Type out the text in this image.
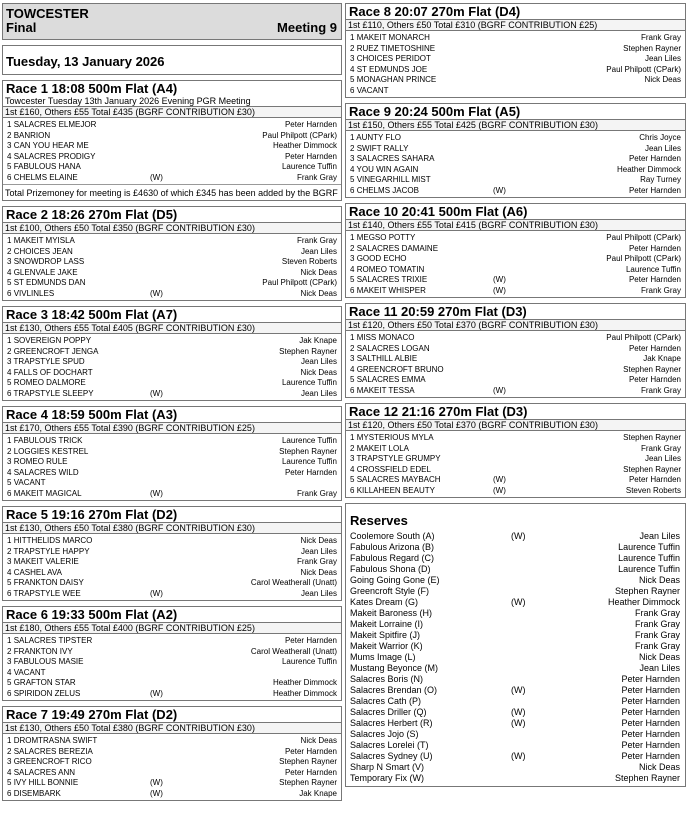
TOWCESTER
Final	Meeting 9
Tuesday, 13 January 2026
Race 1 18:08 500m Flat (A4)
Towcester Tuesday 13th January 2026 Evening PGR Meeting
1st £160, Others £55 Total £435 (BGRF CONTRIBUTION £30)
1 SALACRES ELMEJOR	Peter Harnden
2 BANRION	Paul Philpott (CPark)
3 CAN YOU HEAR ME	Heather Dimmock
4 SALACRES PRODIGY	Peter Harnden
5 FABULOUS HANA	Laurence Tuffin
6 CHELMS ELAINE	(W)	Frank Gray
Total Prizemoney for meeting is £4630 of which £345 has been added by the BGRF
Race 2 18:26 270m Flat (D5)
1st £100, Others £50 Total £350 (BGRF CONTRIBUTION £30)
1 MAKEIT MYISLA	Frank Gray
2 CHOICES JEAN	Jean Liles
3 SNOWDROP LASS	Steven Roberts
4 GLENVALE JAKE	Nick Deas
5 ST EDMUNDS DAN	Paul Philpott (CPark)
6 VIVLINLES	(W)	Nick Deas
Race 3 18:42 500m Flat (A7)
1st £130, Others £55 Total £405 (BGRF CONTRIBUTION £30)
1 SOVEREIGN POPPY	Jak Knape
2 GREENCROFT JENGA	Stephen Rayner
3 TRAPSTYLE SPUD	Jean Liles
4 FALLS OF DOCHART	Nick Deas
5 ROMEO DALMORE	Laurence Tuffin
6 TRAPSTYLE SLEEPY	(W)	Jean Liles
Race 4 18:59 500m Flat (A3)
1st £170, Others £55 Total £390 (BGRF CONTRIBUTION £25)
1 FABULOUS TRICK	Laurence Tuffin
2 LOGGIES KESTREL	Stephen Rayner
3 ROMEO RULE	Laurence Tuffin
4 SALACRES WILD	Peter Harnden
5 VACANT
6 MAKEIT MAGICAL	(W)	Frank Gray
Race 5 19:16 270m Flat (D2)
1st £130, Others £50 Total £380 (BGRF CONTRIBUTION £30)
1 HITTHELIDS MARCO	Nick Deas
2 TRAPSTYLE HAPPY	Jean Liles
3 MAKEIT VALERIE	Frank Gray
4 CASHEL AVA	Nick Deas
5 FRANKTON DAISY	Carol Weatherall (Unatt)
6 TRAPSTYLE WEE	(W)	Jean Liles
Race 6 19:33 500m Flat (A2)
1st £180, Others £55 Total £400 (BGRF CONTRIBUTION £25)
1 SALACRES TIPSTER	Peter Harnden
2 FRANKTON IVY	Carol Weatherall (Unatt)
3 FABULOUS MASIE	Laurence Tuffin
4 VACANT
5 GRAFTON STAR	Heather Dimmock
6 SPIRIDON ZELUS	(W)	Heather Dimmock
Race 7 19:49 270m Flat (D2)
1st £130, Others £50 Total £380 (BGRF CONTRIBUTION £30)
1 DROMTRASNA SWIFT	Nick Deas
2 SALACRES BEREZIA	Peter Harnden
3 GREENCROFT RICO	Stephen Rayner
4 SALACRES ANN	Peter Harnden
5 IVY HILL BONNIE	(W)	Stephen Rayner
6 DISEMBARK	(W)	Jak Knape
Race 8 20:07 270m Flat (D4)
1st £110, Others £50 Total £310 (BGRF CONTRIBUTION £25)
1 MAKEIT MONARCH	Frank Gray
2 RUEZ TIMETOSHINE	Stephen Rayner
3 CHOICES PERIDOT	Jean Liles
4 ST EDMUNDS JOE	Paul Philpott (CPark)
5 MONAGHAN PRINCE	Nick Deas
6 VACANT
Race 9 20:24 500m Flat (A5)
1st £150, Others £55 Total £425 (BGRF CONTRIBUTION £30)
1 AUNTY FLO	Chris Joyce
2 SWIFT RALLY	Jean Liles
3 SALACRES SAHARA	Peter Harnden
4 YOU WIN AGAIN	Heather Dimmock
5 VINEGARHILL MIST	Ray Turney
6 CHELMS JACOB	(W)	Peter Harnden
Race 10 20:41 500m Flat (A6)
1st £140, Others £55 Total £415 (BGRF CONTRIBUTION £30)
1 MEGSO POTTY	Paul Philpott (CPark)
2 SALACRES DAMAINE	Peter Harnden
3 GOOD ECHO	Paul Philpott (CPark)
4 ROMEO TOMATIN	Laurence Tuffin
5 SALACRES TRIXIE	(W)	Peter Harnden
6 MAKEIT WHISPER	(W)	Frank Gray
Race 11 20:59 270m Flat (D3)
1st £120, Others £50 Total £370 (BGRF CONTRIBUTION £30)
1 MISS MONACO	Paul Philpott (CPark)
2 SALACRES LOGAN	Peter Harnden
3 SALTHILL ALBIE	Jak Knape
4 GREENCROFT BRUNO	Stephen Rayner
5 SALACRES EMMA	Peter Harnden
6 MAKEIT TESSA	(W)	Frank Gray
Race 12 21:16 270m Flat (D3)
1st £120, Others £50 Total £370 (BGRF CONTRIBUTION £30)
1 MYSTERIOUS MYLA	Stephen Rayner
2 MAKEIT LOLA	Frank Gray
3 TRAPSTYLE GRUMPY	Jean Liles
4 CROSSFIELD EDEL	Stephen Rayner
5 SALACRES MAYBACH	(W)	Peter Harnden
6 KILLAHEEN BEAUTY	(W)	Steven Roberts
Reserves
Coolemore South (A)	(W)	Jean Liles
Fabulous Arizona (B)	Laurence Tuffin
Fabulous Regard (C)	Laurence Tuffin
Fabulous Shona (D)	Laurence Tuffin
Going Going Gone (E)	Nick Deas
Greencroft Style (F)	Stephen Rayner
Kates Dream (G)	(W)	Heather Dimmock
Makeit Baroness (H)	Frank Gray
Makeit Lorraine (I)	Frank Gray
Makeit Spitfire (J)	Frank Gray
Makeit Warrior (K)	Frank Gray
Mums Image (L)	Nick Deas
Mustang Beyonce (M)	Jean Liles
Salacres Boris (N)	Peter Harnden
Salacres Brendan (O)	(W)	Peter Harnden
Salacres Cath (P)	Peter Harnden
Salacres Driller (Q)	(W)	Peter Harnden
Salacres Herbert (R)	(W)	Peter Harnden
Salacres Jojo (S)	Peter Harnden
Salacres Lorelei (T)	Peter Harnden
Salacres Sydney (U)	(W)	Peter Harnden
Sharp N Smart (V)	Nick Deas
Temporary Fix (W)	Stephen Rayner
